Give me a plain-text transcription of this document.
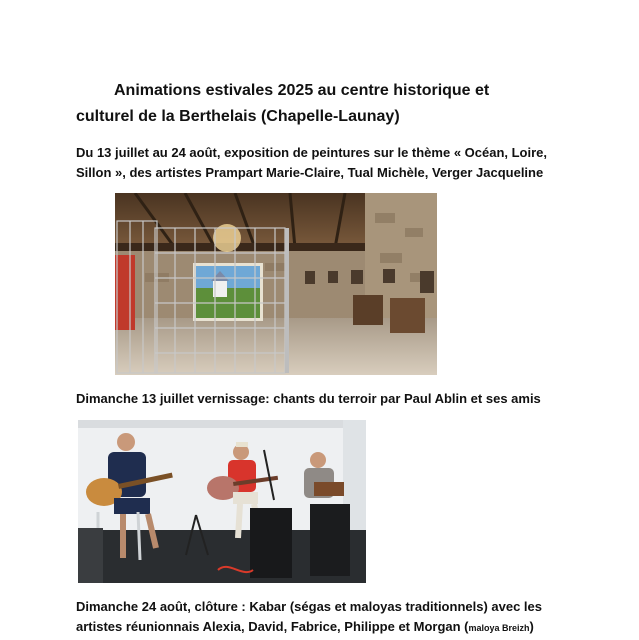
Animations estivales 2025 au centre historique et
culturel de la Berthelais (Chapelle-Launay)
Du 13 juillet au 24 août, exposition de peintures sur le thème « Océan, Loire,
Sillon », des artistes Prampart Marie-Claire, Tual Michèle, Verger Jacqueline
Dimanche 13 juillet vernissage: chants du terroir par Paul Ablin et ses amis
Dimanche 24 août, clôture : Kabar (ségas et maloyas traditionnels) avec les
artistes réunionnais Alexia, David, Fabrice, Philippe et Morgan (maloya Breizh)
